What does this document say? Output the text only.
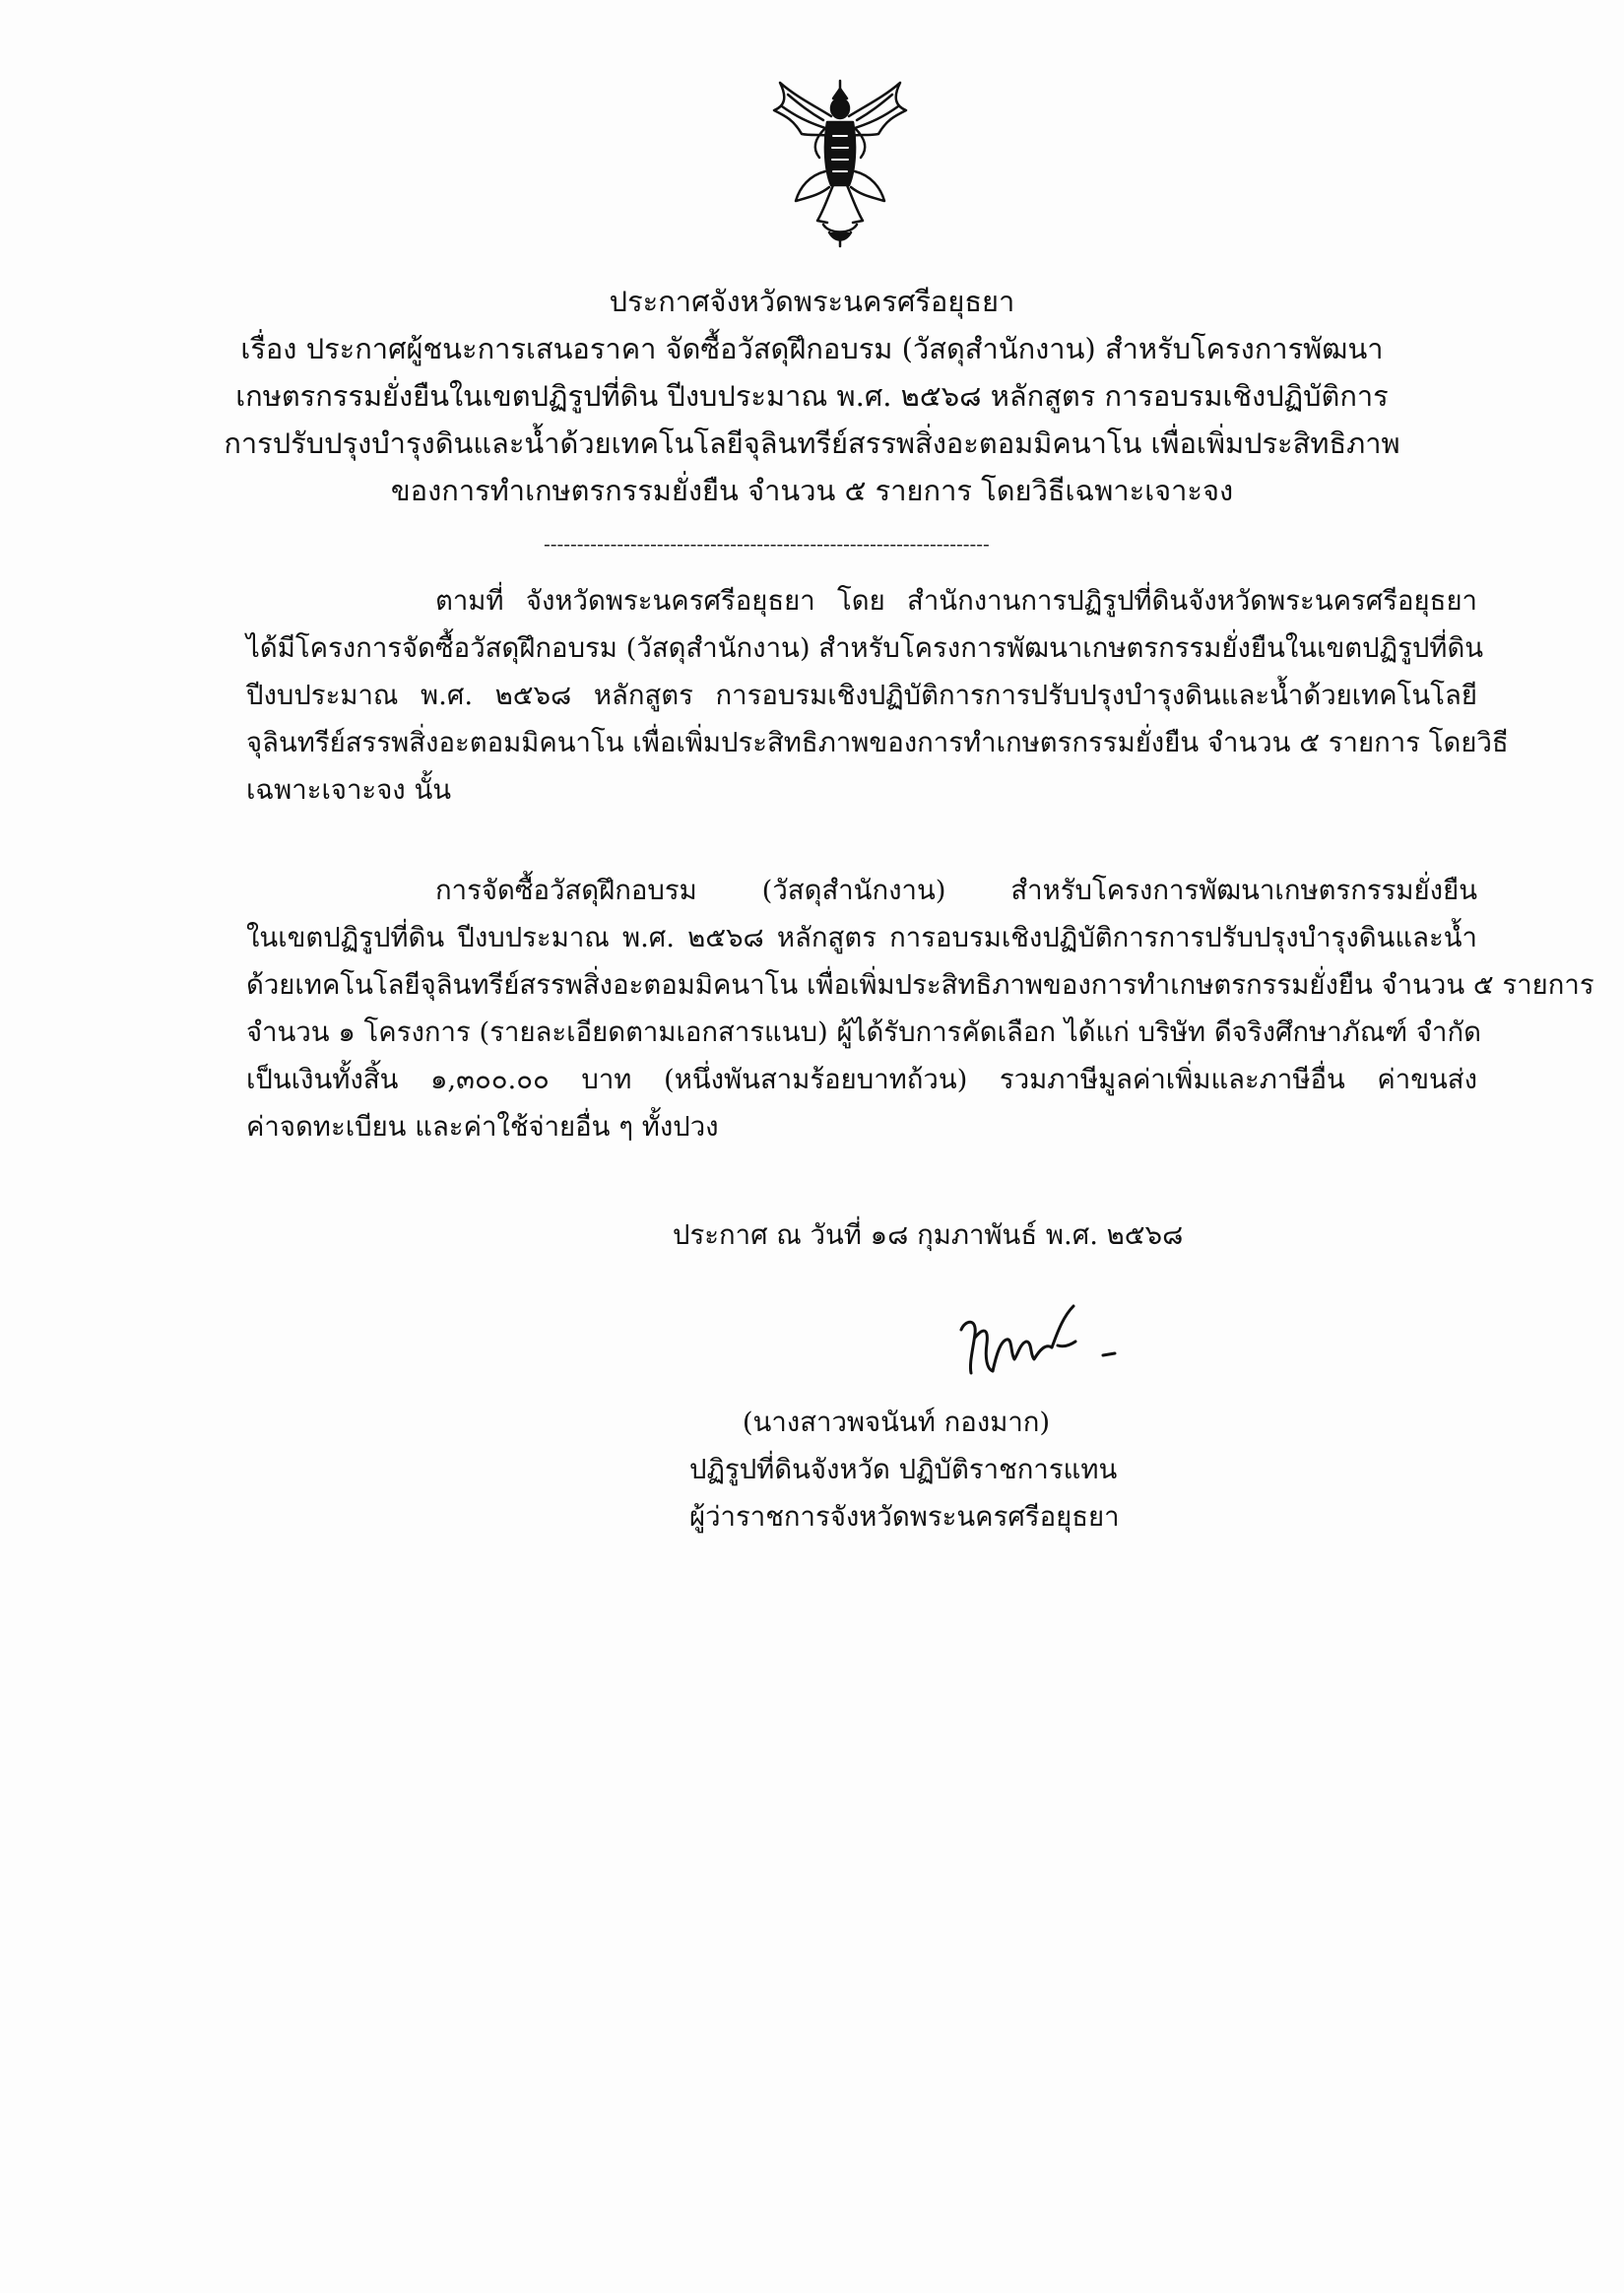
ประกาศจังหวัดพระนครศรีอยุธยา
เรื่อง ประกาศผู้ชนะการเสนอราคา จัดซื้อวัสดุฝึกอบรม (วัสดุสำนักงาน) สำหรับโครงการพัฒนา
เกษตรกรรมยั่งยืนในเขตปฏิรูปที่ดิน ปีงบประมาณ พ.ศ. ๒๕๖๘ หลักสูตร การอบรมเชิงปฏิบัติการ
การปรับปรุงบำรุงดินและน้ำด้วยเทคโนโลยีจุลินทรีย์สรรพสิ่งอะตอมมิคนาโน เพื่อเพิ่มประสิทธิภาพ
ของการทำเกษตรกรรมยั่งยืน จำนวน ๕ รายการ โดยวิธีเฉพาะเจาะจง
-------------------------------------------------------------------
ตามที่ จังหวัดพระนครศรีอยุธยา โดย สำนักงานการปฏิรูปที่ดินจังหวัดพระนครศรีอยุธยา
ได้มีโครงการจัดซื้อวัสดุฝึกอบรม (วัสดุสำนักงาน) สำหรับโครงการพัฒนาเกษตรกรรมยั่งยืนในเขตปฏิรูปที่ดิน
ปีงบประมาณ พ.ศ. ๒๕๖๘ หลักสูตร การอบรมเชิงปฏิบัติการการปรับปรุงบำรุงดินและน้ำด้วยเทคโนโลยี
จุลินทรีย์สรรพสิ่งอะตอมมิคนาโน เพื่อเพิ่มประสิทธิภาพของการทำเกษตรกรรมยั่งยืน จำนวน ๕ รายการ โดยวิธี
เฉพาะเจาะจง นั้น
การจัดซื้อวัสดุฝึกอบรม (วัสดุสำนักงาน) สำหรับโครงการพัฒนาเกษตรกรรมยั่งยืน
ในเขตปฏิรูปที่ดิน ปีงบประมาณ พ.ศ. ๒๕๖๘ หลักสูตร การอบรมเชิงปฏิบัติการการปรับปรุงบำรุงดินและน้ำ
ด้วยเทคโนโลยีจุลินทรีย์สรรพสิ่งอะตอมมิคนาโน เพื่อเพิ่มประสิทธิภาพของการทำเกษตรกรรมยั่งยืน จำนวน ๕ รายการ
จำนวน ๑ โครงการ (รายละเอียดตามเอกสารแนบ) ผู้ได้รับการคัดเลือก ได้แก่ บริษัท ดีจริงศึกษาภัณฑ์ จำกัด
เป็นเงินทั้งสิ้น ๑,๓๐๐.๐๐ บาท (หนึ่งพันสามร้อยบาทถ้วน) รวมภาษีมูลค่าเพิ่มและภาษีอื่น ค่าขนส่ง
ค่าจดทะเบียน และค่าใช้จ่ายอื่น ๆ ทั้งปวง
ประกาศ ณ วันที่ ๑๘ กุมภาพันธ์ พ.ศ. ๒๕๖๘
(นางสาวพจนันท์ กองมาก)
ปฏิรูปที่ดินจังหวัด ปฏิบัติราชการแทน
ผู้ว่าราชการจังหวัดพระนครศรีอยุธยา
